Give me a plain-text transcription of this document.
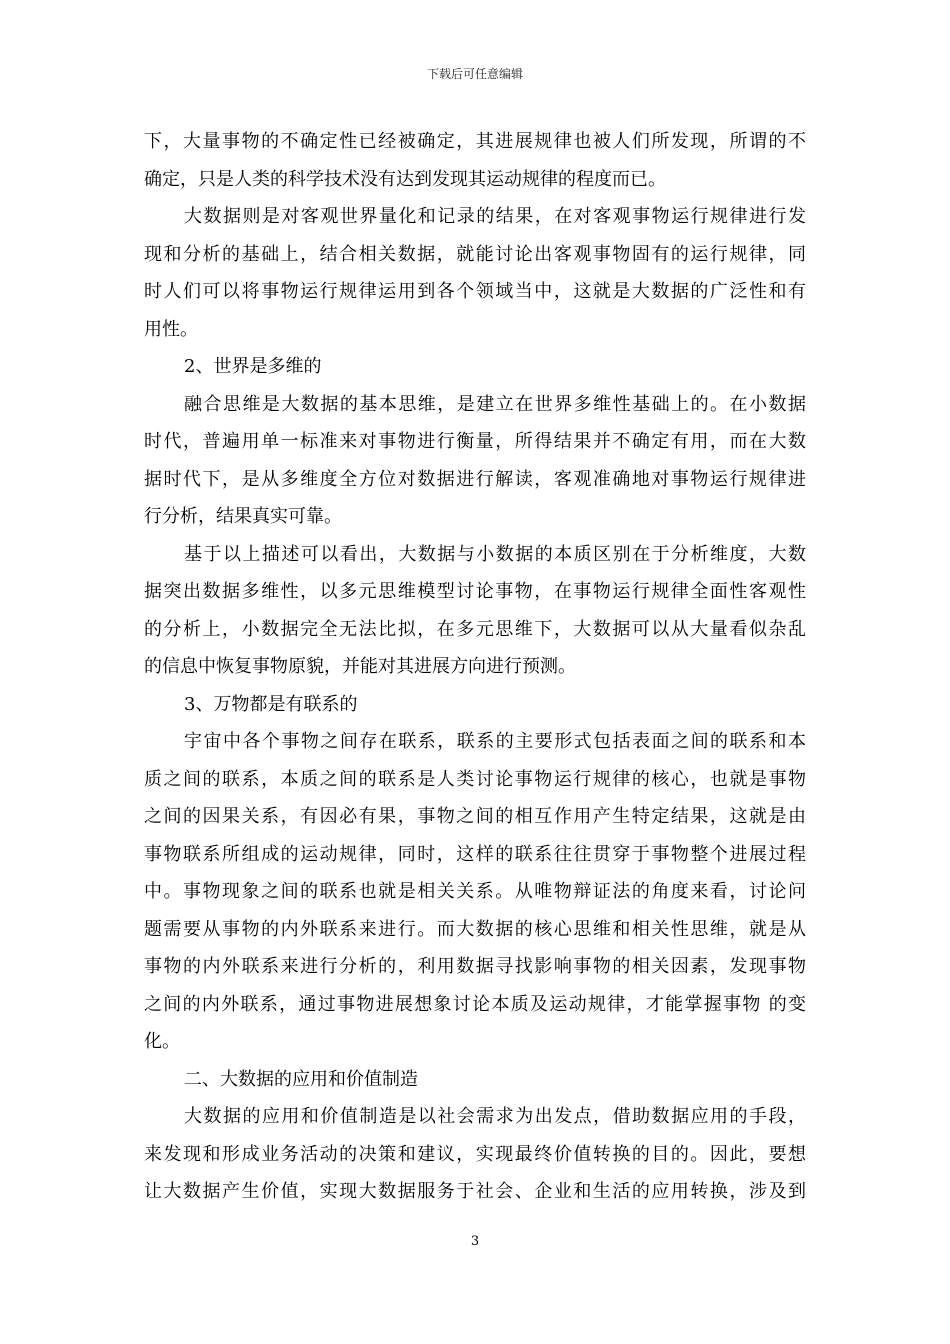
下载后可任意编辑
下，大量事物的不确定性已经被确定，其进展规律也被人们所发现，所谓的不
确定，只是人类的科学技术没有达到发现其运动规律的程度而已。
大数据则是对客观世界量化和记录的结果，在对客观事物运行规律进行发
现和分析的基础上，结合相关数据，就能讨论出客观事物固有的运行规律，同
时人们可以将事物运行规律运用到各个领域当中，这就是大数据的广泛性和有
用性。
2、世界是多维的
融合思维是大数据的基本思维，是建立在世界多维性基础上的。在小数据
时代，普遍用单一标准来对事物进行衡量，所得结果并不确定有用，而在大数
据时代下，是从多维度全方位对数据进行解读，客观准确地对事物运行规律进
行分析，结果真实可靠。
基于以上描述可以看出，大数据与小数据的本质区别在于分析维度，大数
据突出数据多维性，以多元思维模型讨论事物，在事物运行规律全面性客观性
的分析上，小数据完全无法比拟，在多元思维下，大数据可以从大量看似杂乱
的信息中恢复事物原貌，并能对其进展方向进行预测。
3、万物都是有联系的
宇宙中各个事物之间存在联系，联系的主要形式包括表面之间的联系和本
质之间的联系，本质之间的联系是人类讨论事物运行规律的核心，也就是事物
之间的因果关系，有因必有果，事物之间的相互作用产生特定结果，这就是由
事物联系所组成的运动规律，同时，这样的联系往往贯穿于事物整个进展过程
中。事物现象之间的联系也就是相关关系。从唯物辩证法的角度来看，讨论问
题需要从事物的内外联系来进行。而大数据的核心思维和相关性思维，就是从
事物的内外联系来进行分析的，利用数据寻找影响事物的相关因素，发现事物
之间的内外联系，通过事物进展想象讨论本质及运动规律，才能掌握事物 的变
化。
二、大数据的应用和价值制造
大数据的应用和价值制造是以社会需求为出发点，借助数据应用的手段，
来发现和形成业务活动的决策和建议，实现最终价值转换的目的。因此，要想
让大数据产生价值，实现大数据服务于社会、企业和生活的应用转换，涉及到
3
